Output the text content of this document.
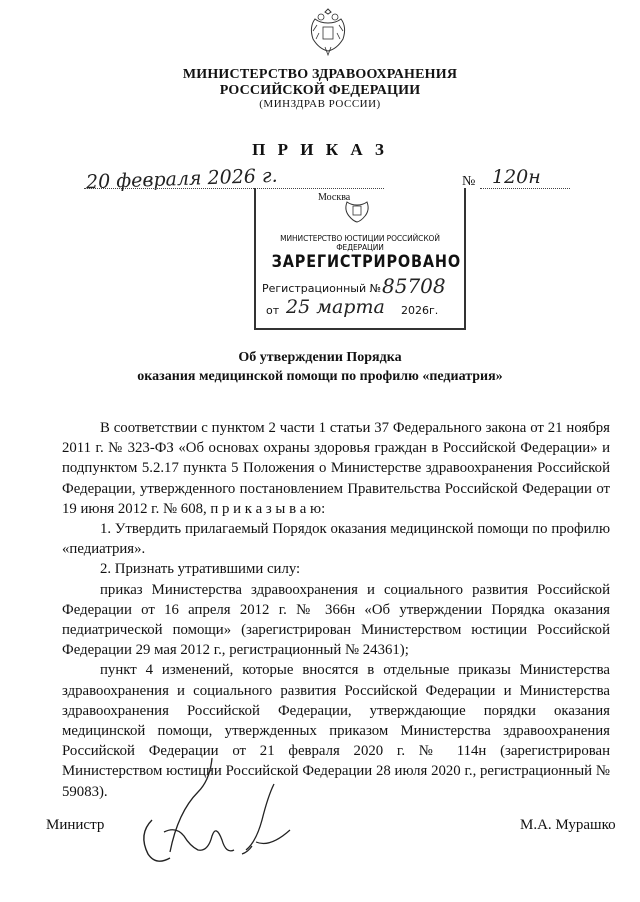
МИНИСТЕРСТВО ЗДРАВООХРАНЕНИЯ
РОССИЙСКОЙ ФЕДЕРАЦИИ
(МИНЗДРАВ РОССИИ)
П Р И К А З
20 февраля 2026 г.	№ 120н
Москва
МИНИСТЕРСТВО ЮСТИЦИИ РОССИЙСКОЙ ФЕДЕРАЦИИ
ЗАРЕГИСТРИРОВАНО
Регистрационный № 85708
от 25 марта 2026г.
Об утверждении Порядка
оказания медицинской помощи по профилю «педиатрия»

В соответствии с пунктом 2 части 1 статьи 37 Федерального закона от 21 ноября 2011 г. № 323-ФЗ «Об основах охраны здоровья граждан в Российской Федерации» и подпунктом 5.2.17 пункта 5 Положения о Министерстве здравоохранения Российской Федерации, утвержденного постановлением Правительства Российской Федерации от 19 июня 2012 г. № 608, п р и к а з ы в а ю:

1. Утвердить прилагаемый Порядок оказания медицинской помощи по профилю «педиатрия».

2. Признать утратившими силу:

приказ Министерства здравоохранения и социального развития Российской Федерации от 16 апреля 2012 г. № 366н «Об утверждении Порядка оказания педиатрической помощи» (зарегистрирован Министерством юстиции Российской Федерации 29 мая 2012 г., регистрационный № 24361);

пункт 4 изменений, которые вносятся в отдельные приказы Министерства здравоохранения и социального развития Российской Федерации и Министерства здравоохранения Российской Федерации, утверждающие порядки оказания медицинской помощи, утвержденных приказом Министерства здравоохранения Российской Федерации от 21 февраля 2020 г. № 114н (зарегистрирован Министерством юстиции Российской Федерации 28 июля 2020 г., регистрационный № 59083).

Министр	М.А. Мурашко
